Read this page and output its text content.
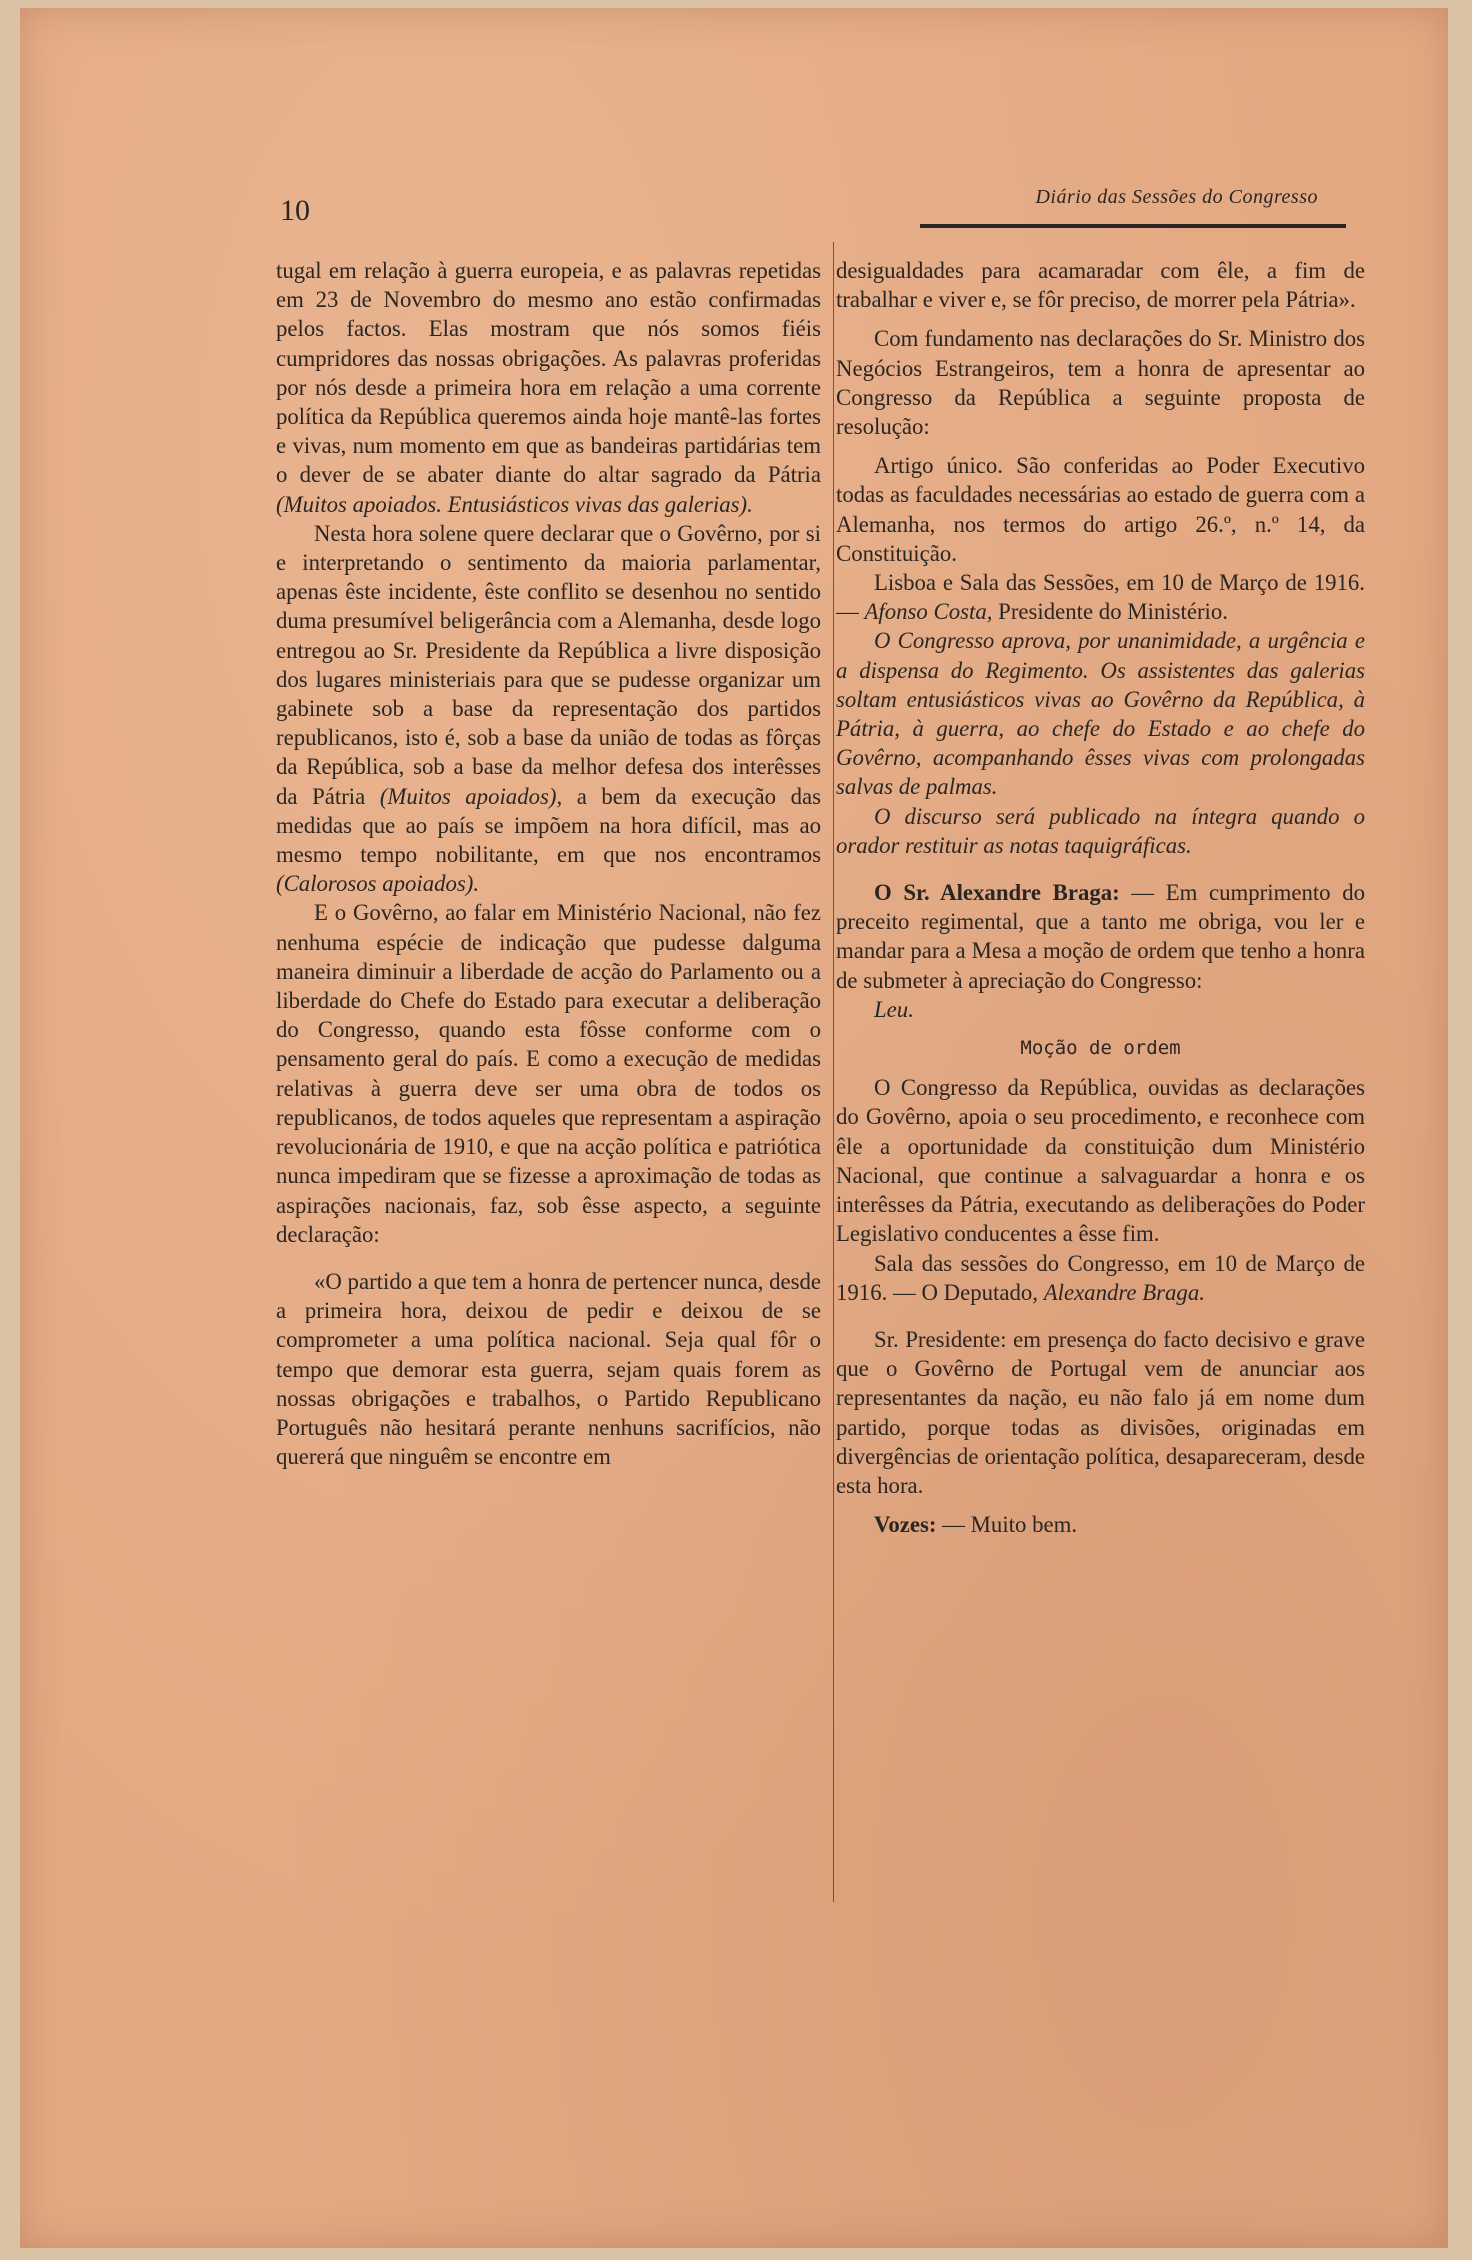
10	Diário das Sessões do Congresso

tugal em relação à guerra europeia, e as palavras repetidas em 23 de Novembro do mesmo ano estão confirmadas pelos factos. Elas mostram que nós somos fiéis cumpridores das nossas obrigações. As palavras proferidas por nós desde a primeira hora em relação a uma corrente política da República queremos ainda hoje mantê-las fortes e vivas, num momento em que as bandeiras partidárias tem o dever de se abater diante do altar sagrado da Pátria (Muitos apoiados. Entusiásticos vivas das galerias).

Nesta hora solene quere declarar que o Govêrno, por si e interpretando o sentimento da maioria parlamentar, apenas êste incidente, êste conflito se desenhou no sentido duma presumível beligerância com a Alemanha, desde logo entregou ao Sr. Presidente da República a livre disposição dos lugares ministeriais para que se pudesse organizar um gabinete sob a base da representação dos partidos republicanos, isto é, sob a base da união de todas as fôrças da República, sob a base da melhor defesa dos interêsses da Pátria (Muitos apoiados), a bem da execução das medidas que ao país se impõem na hora difícil, mas ao mesmo tempo nobilitante, em que nos encontramos (Calorosos apoiados).

E o Govêrno, ao falar em Ministério Nacional, não fez nenhuma espécie de indicação que pudesse dalguma maneira diminuir a liberdade de acção do Parlamento ou a liberdade do Chefe do Estado para executar a deliberação do Congresso, quando esta fôsse conforme com o pensamento geral do país. E como a execução de medidas relativas à guerra deve ser uma obra de todos os republicanos, de todos aqueles que representam a aspiração revolucionária de 1910, e que na acção política e patriótica nunca impediram que se fizesse a aproximação de todas as aspirações nacionais, faz, sob êsse aspecto, a seguinte declaração:

«O partido a que tem a honra de pertencer nunca, desde a primeira hora, deixou de pedir e deixou de se comprometer a uma política nacional. Seja qual fôr o tempo que demorar esta guerra, sejam quais forem as nossas obrigações e trabalhos, o Partido Republicano Português não hesitará perante nenhuns sacrifícios, não quererá que ninguêm se encontre em

desigualdades para acamaradar com êle, a fim de trabalhar e viver e, se fôr preciso, de morrer pela Pátria».

Com fundamento nas declarações do Sr. Ministro dos Negócios Estrangeiros, tem a honra de apresentar ao Congresso da República a seguinte proposta de resolução:

Artigo único. São conferidas ao Poder Executivo todas as faculdades necessárias ao estado de guerra com a Alemanha, nos termos do artigo 26.º, n.º 14, da Constituição.

Lisboa e Sala das Sessões, em 10 de Março de 1916. — Afonso Costa, Presidente do Ministério.

O Congresso aprova, por unanimidade, a urgência e a dispensa do Regimento. Os assistentes das galerias soltam entusiásticos vivas ao Govêrno da República, à Pátria, à guerra, ao chefe do Estado e ao chefe do Govêrno, acompanhando êsses vivas com prolongadas salvas de palmas.

O discurso será publicado na íntegra quando o orador restituir as notas taquigráficas.

O Sr. Alexandre Braga: — Em cumprimento do preceito regimental, que a tanto me obriga, vou ler e mandar para a Mesa a moção de ordem que tenho a honra de submeter à apreciação do Congresso:

Leu.

Moção de ordem

O Congresso da República, ouvidas as declarações do Govêrno, apoia o seu procedimento, e reconhece com êle a oportunidade da constituição dum Ministério Nacional, que continue a salvaguardar a honra e os interêsses da Pátria, executando as deliberações do Poder Legislativo conducentes a êsse fim.

Sala das sessões do Congresso, em 10 de Março de 1916. — O Deputado, Alexandre Braga.

Sr. Presidente: em presença do facto decisivo e grave que o Govêrno de Portugal vem de anunciar aos representantes da nação, eu não falo já em nome dum partido, porque todas as divisões, originadas em divergências de orientação política, desapareceram, desde esta hora.

Vozes: — Muito bem.
